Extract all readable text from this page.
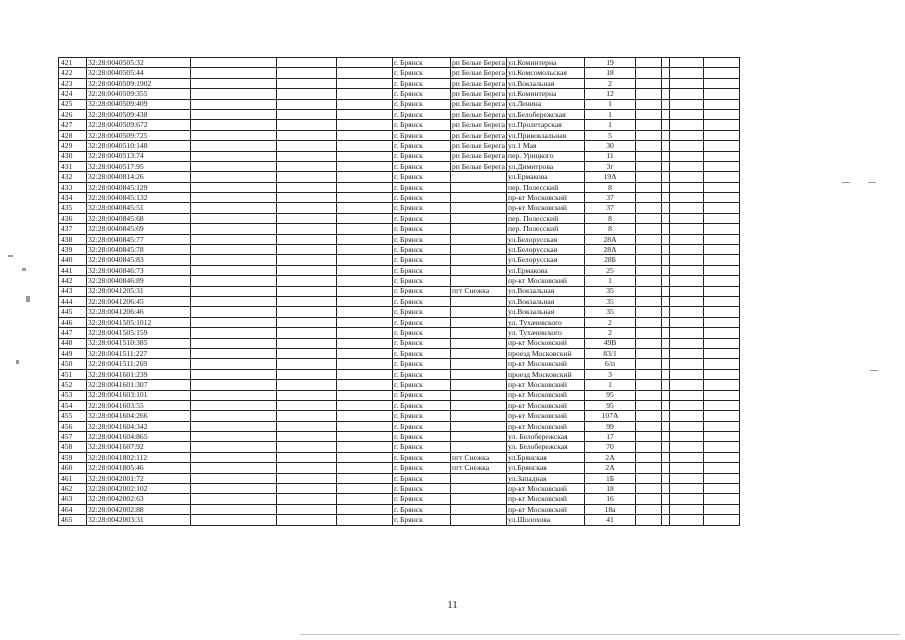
421	32:28:0040505:32				г. Брянск	рп Белые Берега	ул.Коминтерна	19				
422	32:28:0040505:44				г. Брянск	рп Белые Берега	ул.Комсомольская	18				
423	32:28:0040509:1902				г. Брянск	рп Белые Берега	ул.Вокзальная	2				
424	32:28:0040509:355				г. Брянск	рп Белые Берега	ул.Коминтерна	12				
425	32:28:0040509:409				г. Брянск	рп Белые Берега	ул.Ленина	1				
426	32:28:0040509:438				г. Брянск	рп Белые Берега	ул.Белобережская	1				
427	32:28:0040509:672				г. Брянск	рп Белые Берега	ул.Пролетарская	1				
428	32:28:0040509:725				г. Брянск	рп Белые Берега	ул.Привокзальная	5				
429	32:28:0040510:148				г. Брянск	рп Белые Берега	ул.1 Мая	30				
430	32:28:0040513:74				г. Брянск	рп Белые Берега	пер. Урицкого	11				
431	32:28:0040517:95				г. Брянск	рп Белые Берега	ул.Димитрова	3г				
432	32:28:0040814:26				г. Брянск		ул.Ермакова	19А				
433	32:28:0040845:129				г. Брянск		пер. Полесский	8				
434	32:28:0040845:132				г. Брянск		пр-кт Московский	37				
435	32:28:0040845:51				г. Брянск		пр-кт Московский	37				
436	32:28:0040845:68				г. Брянск		пер. Полесский	8				
437	32:28:0040845:69				г. Брянск		пер. Полесский	8				
438	32:28:0040845:77				г. Брянск		ул.Белорусская	28А				
439	32:28:0040845:78				г. Брянск		ул.Белорусская	28А				
440	32:28:0040845:83				г. Брянск		ул.Белорусская	28Б				
441	32:28:0040846:73				г. Брянск		ул.Ермакова	25				
442	32:28:0040846:89				г. Брянск		пр-кт Московский	1				
443	32:28:0041205:31				г. Брянск	пгт Снежка	ул.Вокзальная	35				
444	32:28:0041206:45				г. Брянск		ул.Вокзальная	35				
445	32:28:0041206:46				г. Брянск		ул.Вокзальная	35				
446	32:28:0041505:1012				г. Брянск		ул. Тухачевского	2				
447	32:28:0041505:159				г. Брянск		ул. Тухачевского	2				
448	32:28:0041510:385				г. Брянск		пр-кт Московский	49В				
449	32:28:0041511:227				г. Брянск		проезд Московский	83/1				
450	32:28:0041511:269				г. Брянск		пр-кт Московский	6/п				
451	32:28:0041601:239				г. Брянск		проезд Московский	3				
452	32:28:0041601:307				г. Брянск		пр-кт Московский	1				
453	32:28:0041603:101				г. Брянск		пр-кт Московский	95				
454	32:28:0041603:55				г. Брянск		пр-кт Московский	95				
455	32:28:0041604:266				г. Брянск		пр-кт Московский	107А				
456	32:28:0041604:342				г. Брянск		пр-кт Московский	99				
457	32:28:0041604:865				г. Брянск		ул. Белобережская	17				
458	32:28:0041607:92				г. Брянск		ул. Белобережская	70				
459	32:28:0041802:112				г. Брянск	пгт Снежка	ул.Брянская	2А				
460	32:28:0041805:46				г. Брянск	пгт Снежка	ул.Брянская	2А				
461	32:28:0042001:72				г. Брянск		ул.Западная	1Б				
462	32:28:0042002:102				г. Брянск		пр-кт Московский	18				
463	32:28:0042002:63				г. Брянск		пр-кт Московский	16				
464	32:28:0042002:88				г. Брянск		пр-кт Московский	18а				
465	32:28:0042003:31				г. Брянск		ул.Шолохова	41				
11
